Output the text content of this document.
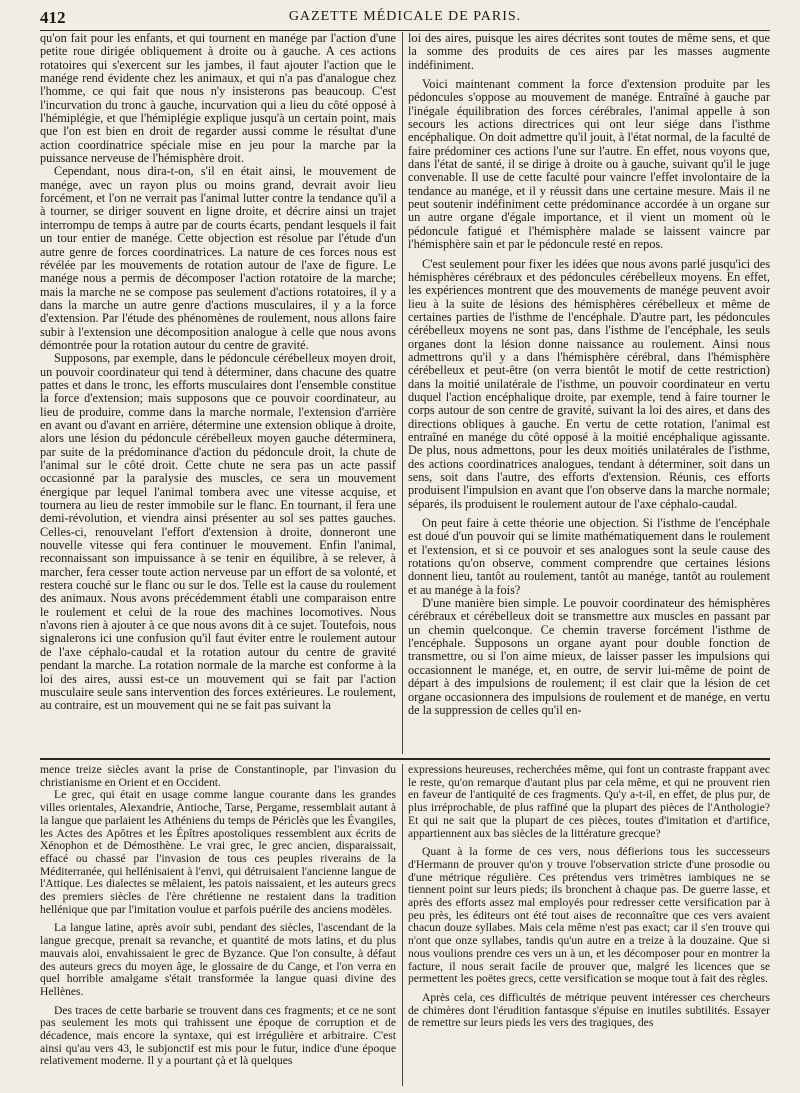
412	GAZETTE MÉDICALE DE PARIS.

qu'on fait pour les enfants, et qui tournent en manége par l'action d'une petite roue dirigée obliquement à droite ou à gauche. A ces actions rotatoires qui s'exercent sur les jambes, il faut ajouter l'action que le manége rend évidente chez les animaux, et qui n'a pas d'analogue chez l'homme, ce qui fait que nous n'y insisterons pas beaucoup. C'est l'incurvation du tronc à gauche, incurvation qui a lieu du côté opposé à l'hémiplégie, et que l'hémiplégie explique jusqu'à un certain point, mais que l'on est bien en droit de regarder aussi comme le résultat d'une action coordinatrice spéciale mise en jeu pour la marche par la puissance nerveuse de l'hémisphère droit.

Cependant, nous dira-t-on, s'il en était ainsi, le mouvement de manége, avec un rayon plus ou moins grand, devrait avoir lieu forcément, et l'on ne verrait pas l'animal lutter contre la tendance qu'il a à tourner, se diriger souvent en ligne droite, et décrire ainsi un trajet interrompu de temps à autre par de courts écarts, pendant lesquels il fait un tour entier de manége. Cette objection est résolue par l'étude d'un autre genre de forces coordinatrices. La nature de ces forces nous est révélée par les mouvements de rotation autour de l'axe de figure. Le manége nous a permis de décomposer l'action rotatoire de la marche; mais la marche ne se compose pas seulement d'actions rotatoires, il y a dans la marche un autre genre d'actions musculaires, il y a la force d'extension. Par l'étude des phénomènes de roulement, nous allons faire subir à l'extension une décomposition analogue à celle que nous avons démontrée pour la rotation autour du centre de gravité.

Supposons, par exemple, dans le pédoncule cérébelleux moyen droit, un pouvoir coordinateur qui tend à déterminer, dans chacune des quatre pattes et dans le tronc, les efforts musculaires dont l'ensemble constitue la force d'extension; mais supposons que ce pouvoir coordinateur, au lieu de produire, comme dans la marche normale, l'extension d'arrière en avant ou d'avant en arrière, détermine une extension oblique à droite, alors une lésion du pédoncule cérébelleux moyen gauche déterminera, par suite de la prédominance d'action du pédoncule droit, la chute de l'animal sur le côté droit. Cette chute ne sera pas un acte passif occasionné par la paralysie des muscles, ce sera un mouvement énergique par lequel l'animal tombera avec une vitesse acquise, et tournera au lieu de rester immobile sur le flanc. En tournant, il fera une demi-révolution, et viendra ainsi présenter au sol ses pattes gauches. Celles-ci, renouvelant l'effort d'extension à droite, donneront une nouvelle vitesse qui fera continuer le mouvement. Enfin l'animal, reconnaissant son impuissance à se tenir en équilibre, à se relever, à marcher, fera cesser toute action nerveuse par un effort de sa volonté, et restera couché sur le flanc ou sur le dos. Telle est la cause du roulement des animaux. Nous avons précédemment établi une comparaison entre le roulement et celui de la roue des machines locomotives. Nous n'avons rien à ajouter à ce que nous avons dit à ce sujet. Toutefois, nous signalerons ici une confusion qu'il faut éviter entre le roulement autour de l'axe céphalo-caudal et la rotation autour du centre de gravité pendant la marche. La rotation normale de la marche est conforme à la loi des aires, aussi est-ce un mouvement qui se fait par l'action musculaire seule sans intervention des forces extérieures. Le roulement, au contraire, est un mouvement qui ne se fait pas suivant la

loi des aires, puisque les aires décrites sont toutes de même sens, et que la somme des produits de ces aires par les masses augmente indéfiniment.

Voici maintenant comment la force d'extension produite par les pédoncules s'oppose au mouvement de manége. Entraîné à gauche par l'inégale équilibration des forces cérébrales, l'animal appelle à son secours les actions directrices qui ont leur siége dans l'isthme encéphalique. On doit admettre qu'il jouit, à l'état normal, de la faculté de faire prédominer ces actions l'une sur l'autre. En effet, nous voyons que, dans l'état de santé, il se dirige à droite ou à gauche, suivant qu'il le juge convenable. Il use de cette faculté pour vaincre l'effet involontaire de la tendance au manége, et il y réussit dans une certaine mesure. Mais il ne peut soutenir indéfiniment cette prédominance accordée à un organe sur un autre organe d'égale importance, et il vient un moment où le pédoncule fatigué et l'hémisphère malade se laissent vaincre par l'hémisphère sain et par le pédoncule resté en repos.

C'est seulement pour fixer les idées que nous avons parlé jusqu'ici des hémisphères cérébraux et des pédoncules cérébelleux moyens. En effet, les expériences montrent que des mouvements de manége peuvent avoir lieu à la suite de lésions des hémisphères cérébelleux et même de certaines parties de l'isthme de l'encéphale. D'autre part, les pédoncules cérébelleux moyens ne sont pas, dans l'isthme de l'encéphale, les seuls organes dont la lésion donne naissance au roulement. Ainsi nous admettrons qu'il y a dans l'hémisphère cérébral, dans l'hémisphère cérébelleux et peut-être (on verra bientôt le motif de cette restriction) dans la moitié unilatérale de l'isthme, un pouvoir coordinateur en vertu duquel l'action encéphalique droite, par exemple, tend à faire tourner le corps autour de son centre de gravité, suivant la loi des aires, et dans des directions obliques à gauche. En vertu de cette rotation, l'animal est entraîné en manége du côté opposé à la moitié encéphalique agissante. De plus, nous admettons, pour les deux moitiés unilatérales de l'isthme, des actions coordinatrices analogues, tendant à déterminer, soit dans un sens, soit dans l'autre, des efforts d'extension. Réunis, ces efforts produisent l'impulsion en avant que l'on observe dans la marche normale; séparés, ils produisent le roulement autour de l'axe céphalo-caudal.

On peut faire à cette théorie une objection. Si l'isthme de l'encéphale est doué d'un pouvoir qui se limite mathématiquement dans le roulement et l'extension, et si ce pouvoir et ses analogues sont la seule cause des rotations qu'on observe, comment comprendre que certaines lésions donnent lieu, tantôt au roulement, tantôt au manége, tantôt au roulement et au manége à la fois?

D'une manière bien simple. Le pouvoir coordinateur des hémisphères cérébraux et cérébelleux doit se transmettre aux muscles en passant par un chemin quelconque. Ce chemin traverse forcément l'isthme de l'encéphale. Supposons un organe ayant pour double fonction de transmettre, ou si l'on aime mieux, de laisser passer les impulsions qui occasionnent le manége, et, en outre, de servir lui-même de point de départ à des impulsions de roulement; il est clair que la lésion de cet organe occasionnera des impulsions de roulement et de manége, en vertu de la suppression de celles qu'il en-

mence treize siècles avant la prise de Constantinople, par l'invasion du christianisme en Orient et en Occident.

Le grec, qui était en usage comme langue courante dans les grandes villes orientales, Alexandrie, Antioche, Tarse, Pergame, ressemblait autant à la langue que parlaient les Athéniens du temps de Périclès que les Évangiles, les Actes des Apôtres et les Épîtres apostoliques ressemblent aux écrits de Xénophon et de Démosthène. Le vrai grec, le grec ancien, disparaissait, effacé ou chassé par l'invasion de tous ces peuples riverains de la Méditerranée, qui hellénisaient à l'envi, qui détruisaient l'ancienne langue de l'Attique. Les dialectes se mêlaient, les patois naissaient, et les auteurs grecs des premiers siècles de l'ère chrétienne ne restaient dans la tradition hellénique que par l'imitation voulue et parfois puérile des anciens modèles.

La langue latine, après avoir subi, pendant des siècles, l'ascendant de la langue grecque, prenait sa revanche, et quantité de mots latins, et du plus mauvais aloi, envahissaient le grec de Byzance. Que l'on consulte, à défaut des auteurs grecs du moyen âge, le glossaire de du Cange, et l'on verra en quel horrible amalgame s'était transformée la langue quasi divine des Hellènes.

Des traces de cette barbarie se trouvent dans ces fragments; et ce ne sont pas seulement les mots qui trahissent une époque de corruption et de décadence, mais encore la syntaxe, qui est irrégulière et arbitraire. C'est ainsi qu'au vers 43, le subjonctif est mis pour le futur, indice d'une époque relativement moderne. Il y a pourtant çà et là quelques

expressions heureuses, recherchées même, qui font un contraste frappant avec le reste, qu'on remarque d'autant plus par cela même, et qui ne prouvent rien en faveur de l'antiquité de ces fragments. Qu'y a-t-il, en effet, de plus pur, de plus irréprochable, de plus raffiné que la plupart des pièces de l'Anthologie? Et qui ne sait que la plupart de ces pièces, toutes d'imitation et d'artifice, appartiennent aux bas siècles de la littérature grecque?

Quant à la forme de ces vers, nous défierions tous les successeurs d'Hermann de prouver qu'on y trouve l'observation stricte d'une prosodie ou d'une métrique régulière. Ces prétendus vers trimètres iambiques ne se tiennent point sur leurs pieds; ils bronchent à chaque pas. De guerre lasse, et après des efforts assez mal employés pour redresser cette versification par à peu près, les éditeurs ont été tout aises de reconnaître que ces vers avaient chacun douze syllabes. Mais cela même n'est pas exact; car il s'en trouve qui n'ont que onze syllabes, tandis qu'un autre en a treize à la douzaine. Que si nous voulions prendre ces vers un à un, et les décomposer pour en montrer la facture, il nous serait facile de prouver que, malgré les licences que se permettent les poëtes grecs, cette versification se moque tout à fait des règles.

Après cela, ces difficultés de métrique peuvent intéresser ces chercheurs de chimères dont l'érudition fantasque s'épuise en inutiles subtilités. Essayer de remettre sur leurs pieds les vers des tragiques, des
